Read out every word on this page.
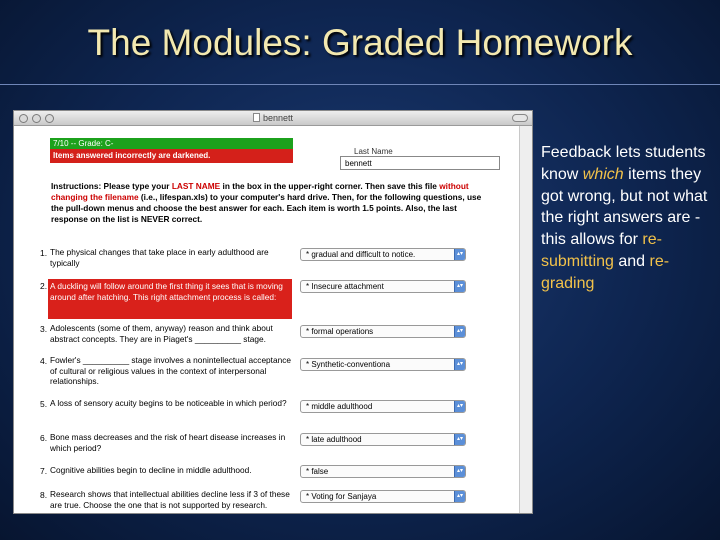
The Modules: Graded Homework
Feedback lets students know which items they got wrong, but not what the right answers are - this allows for re-submitting and re-grading
bennett
7/10 -- Grade: C-
Items answered incorrectly are darkened.	Last Name
bennett
Instructions: Please type your LAST NAME in the box in the upper-right corner. Then save this file without changing the filename (i.e., lifespan.xls) to your computer's hard drive. Then, for the following questions, use the pull-down menus and choose the best answer for each. Each item is worth 1.5 points. Also, the last response on the list is NEVER correct.
1. The physical changes that take place in early adulthood are typically
* gradual and difficult to notice.	▴▾
2. A duckling will follow around the first thing it sees that is moving around after hatching. This right attachment process is called:
* Insecure attachment	▴▾
3. Adolescents (some of them, anyway) reason and think about abstract concepts. They are in Piaget's __________ stage.
* formal operations	▴▾
4. Fowler's __________ stage involves a nonintellectual acceptance of cultural or religious values in the context of interpersonal relationships.
* Synthetic-conventiona	▴▾
5. A loss of sensory acuity begins to be noticeable in which period?	* middle adulthood	▴▾
6. Bone mass decreases and the risk of heart disease increases in which period?
* late adulthood	▴▾
7. Cognitive abilities begin to decline in middle adulthood.	* false	▴▾
8. Research shows that intellectual abilities decline less if 3 of these are true. Choose the one that is not supported by research.
* Voting for Sanjaya	▴▾
